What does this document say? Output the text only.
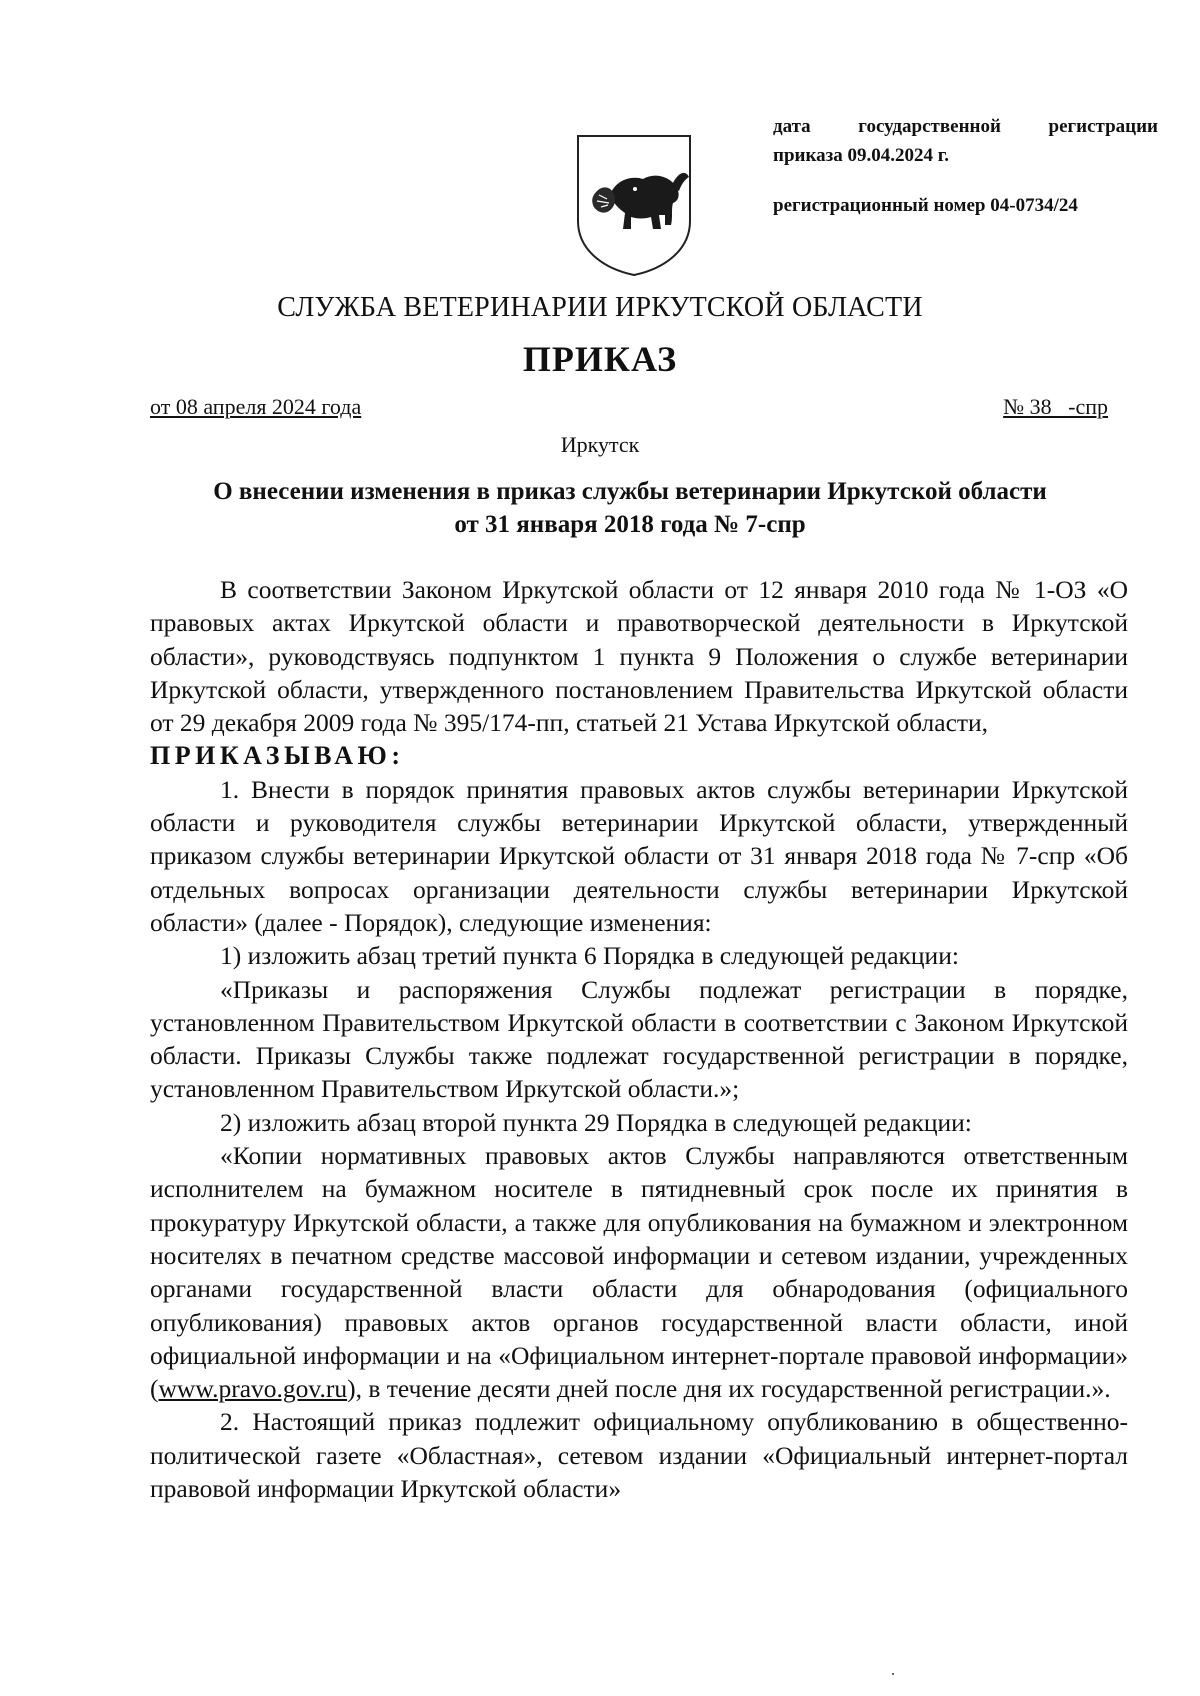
дата государственной регистрации
приказа 09.04.2024 г.
регистрационный номер 04-0734/24
СЛУЖБА ВЕТЕРИНАРИИ ИРКУТСКОЙ ОБЛАСТИ
ПРИКАЗ
от 08 апреля 2024 года	№ 38   -спр
Иркутск
О внесении изменения в приказ службы ветеринарии Иркутской области
от 31 января 2018 года № 7-спр

В соответствии Законом Иркутской области от 12 января 2010 года № 1-ОЗ «О правовых актах Иркутской области и правотворческой деятельности в Иркутской области», руководствуясь подпунктом 1 пункта 9 Положения о службе ветеринарии Иркутской области, утвержденного постановлением Правительства Иркутской области от 29 декабря 2009 года № 395/174-пп, статьей 21 Устава Иркутской области,

ПРИКАЗЫВАЮ:

1. Внести в порядок принятия правовых актов службы ветеринарии Иркутской области и руководителя службы ветеринарии Иркутской области, утвержденный приказом службы ветеринарии Иркутской области от 31 января 2018 года № 7-спр «Об отдельных вопросах организации деятельности службы ветеринарии Иркутской области» (далее - Порядок), следующие изменения:

1) изложить абзац третий пункта 6 Порядка в следующей редакции:

«Приказы и распоряжения Службы подлежат регистрации в порядке, установленном Правительством Иркутской области в соответствии с Законом Иркутской области. Приказы Службы также подлежат государственной регистрации в порядке, установленном Правительством Иркутской области.»;

2) изложить абзац второй пункта 29 Порядка в следующей редакции:

«Копии нормативных правовых актов Службы направляются ответственным исполнителем на бумажном носителе в пятидневный срок после их принятия в прокуратуру Иркутской области, а также для опубликования на бумажном и электронном носителях в печатном средстве массовой информации и сетевом издании, учрежденных органами государственной власти области для обнародования (официального опубликования) правовых актов органов государственной власти области, иной официальной информации и на «Официальном интернет-портале правовой информации» (www.pravo.gov.ru), в течение десяти дней после дня их государственной регистрации.».

2. Настоящий приказ подлежит официальному опубликованию в общественно-политической газете «Областная», сетевом издании «Официальный интернет-портал правовой информации Иркутской области»
